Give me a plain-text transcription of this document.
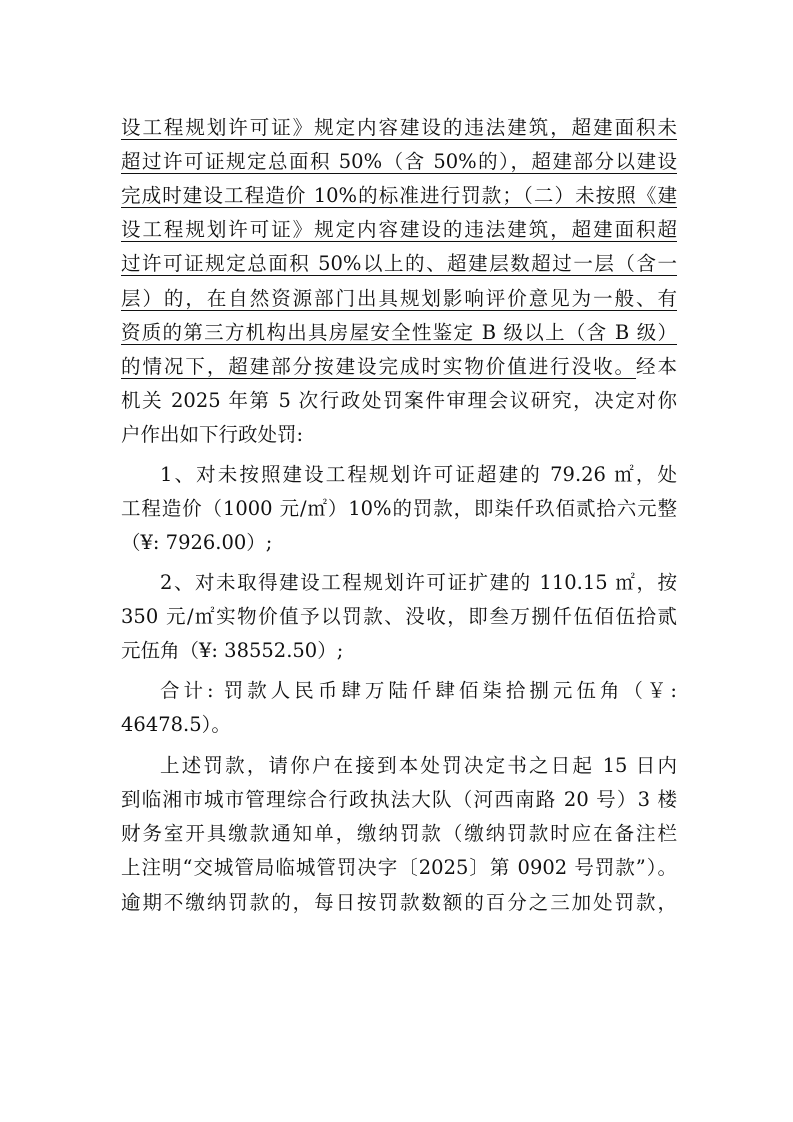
设工程规划许可证》规定内容建设的违法建筑，超建面积未
超过许可证规定总面积 50%（含 50%的），超建部分以建设
完成时建设工程造价 10%的标准进行罚款；（二）未按照《建
设工程规划许可证》规定内容建设的违法建筑，超建面积超
过许可证规定总面积 50%以上的、超建层数超过一层（含一
层）的，在自然资源部门出具规划影响评价意见为一般、有
资质的第三方机构出具房屋安全性鉴定 B 级以上（含 B 级）
的情况下，超建部分按建设完成时实物价值进行没收。经本
机关 2025 年第 5 次行政处罚案件审理会议研究，决定对你
户作出如下行政处罚:
1、对未按照建设工程规划许可证超建的 79.26 ㎡，处
工程造价（1000 元/㎡）10%的罚款，即柒仟玖佰贰拾六元整
（¥: 7926.00）;
2、对未取得建设工程规划许可证扩建的 110.15 ㎡，按
350 元/㎡实物价值予以罚款、没收，即叁万捌仟伍佰伍拾贰
元伍角（¥: 38552.50）;
合计: 罚款人民币肆万陆仟肆佰柒拾捌元伍角（￥:
46478.5）。
上述罚款，请你户在接到本处罚决定书之日起 15 日内
到临湘市城市管理综合行政执法大队（河西南路 20 号）3 楼
财务室开具缴款通知单，缴纳罚款（缴纳罚款时应在备注栏
上注明“交城管局临城管罚决字〔2025〕第 0902 号罚款”）。
逾期不缴纳罚款的，每日按罚款数额的百分之三加处罚款，
